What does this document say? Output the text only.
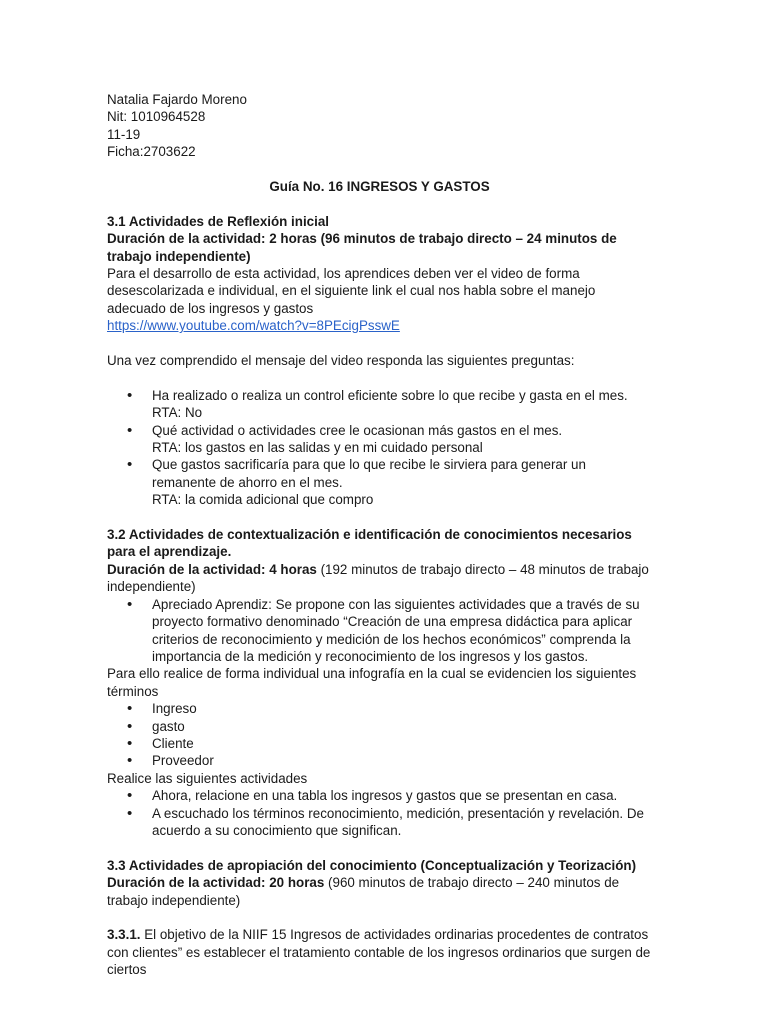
Natalia Fajardo Moreno

Nit: 1010964528

11-19

Ficha:2703622

Guía No. 16 INGRESOS Y GASTOS

3.1 Actividades de Reflexión inicial

Duración de la actividad: 2 horas (96 minutos de trabajo directo – 24 minutos de trabajo independiente)

Para el desarrollo de esta actividad, los aprendices deben ver el video de forma desescolarizada e individual, en el siguiente link el cual nos habla sobre el manejo adecuado de los ingresos y gastos

https://www.youtube.com/watch?v=8PEcigPsswE

Una vez comprendido el mensaje del video responda las siguientes preguntas:

• Ha realizado o realiza un control eficiente sobre lo que recibe y gasta en el mes.

RTA: No

• Qué actividad o actividades cree le ocasionan más gastos en el mes.

RTA: los gastos en las salidas y en mi cuidado personal

• Que gastos sacrificaría para que lo que recibe le sirviera para generar un remanente de ahorro en el mes.

RTA: la comida adicional que compro

3.2 Actividades de contextualización e identificación de conocimientos necesarios para el aprendizaje.

Duración de la actividad: 4 horas (192 minutos de trabajo directo – 48 minutos de trabajo independiente)

• Apreciado Aprendiz: Se propone con las siguientes actividades que a través de su proyecto formativo denominado “Creación de una empresa didáctica para aplicar criterios de reconocimiento y medición de los hechos económicos” comprenda la importancia de la medición y reconocimiento de los ingresos y los gastos.

Para ello realice de forma individual una infografía en la cual se evidencien los siguientes términos

• Ingreso
• gasto
• Cliente
• Proveedor

Realice las siguientes actividades

• Ahora, relacione en una tabla los ingresos y gastos que se presentan en casa.
• A escuchado los términos reconocimiento, medición, presentación y revelación. De acuerdo a su conocimiento que significan.

3.3 Actividades de apropiación del conocimiento (Conceptualización y Teorización)

Duración de la actividad: 20 horas (960 minutos de trabajo directo – 240 minutos de trabajo independiente)

3.3.1. El objetivo de la NIIF 15 Ingresos de actividades ordinarias procedentes de contratos con clientes” es establecer el tratamiento contable de los ingresos ordinarios que surgen de ciertos
